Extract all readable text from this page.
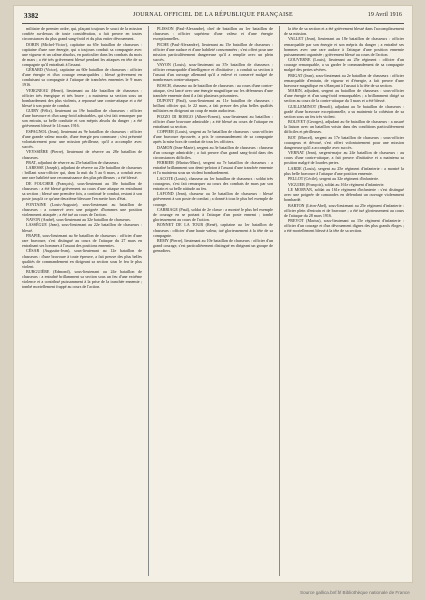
3382	JOURNAL OFFICIEL DE LA RÉPUBLIQUE FRANÇAISE	19 Avril 1916

militaire de premier ordre, qui, plaçant toujours le souci de la mission confiée au-dessus de toute considération, a fait preuve en toutes circonstances du plus grand sang-froid et du plus entier dévouement.

DORIN (Michel-Victor), capitaine au 65e bataillon de chasseurs : capitaine d'une rare énergie, qui a toujours conduit sa compagnie avec une vigueur et un calme absolus, en particulier dans les combats du mois de mars ; a été très grièvement blessé pendant les attaques en tête de sa compagnie qu'il entraînait à l'assaut.

GÉRARD (Victor), capitaine au 60e bataillon de chasseurs : officier d'une énergie et d'un courage remarquables ; blessé grièvement en conduisant sa compagnie à l'attaque de tranchées ennemies le 9 mars 1916.

VERGNEAU (Henri), lieutenant au 44e bataillon de chasseurs : officier très énergique et très brave ; a maintenu sa section sous un bombardement des plus violents, a repoussé une contre-attaque et a été blessé à son poste de combat.

GUIRY (Félix), lieutenant au 19e bataillon de chasseurs : officier d'une bravoure et d'un sang-froid admirables, qui s'est fait remarquer par son entrain, sa belle conduite et son mépris absolu du danger ; a été grièvement blessé le 14 mars 1916.

ESPAGNOL (Jean), lieutenant au 9e bataillon de chasseurs : officier d'une grande valeur morale, d'une énergie peu commune ; s'est présenté volontairement pour une mission périlleuse, qu'il a accomplie avec succès.

VEYSSIÈRE (Pierre), lieutenant de réserve au 28e bataillon de chasseurs.

PRAT, adjudant de réserve au 25e bataillon de chasseurs.

LABESSE (Joseph), adjudant de réserve au 23e bataillon de chasseurs : brillant sous-officier qui, dans la nuit du 5 au 6 mars, a conduit avec une rare habileté une reconnaissance des plus périlleuses ; a été blessé.

DE FOUCHER (François), sous-lieutenant au 30e bataillon de chasseurs : a été blessé grièvement au cours d'une attaque en entraînant sa section ; blessé une première fois, a continué le combat, restant à son poste jusqu'à ce qu'une deuxième blessure l'en mette hors d'état.

FONTAINE (Louis-Auguste), sous-lieutenant au bataillon de chasseurs : a conservé avec une poignée d'hommes une position violemment attaquée ; a été tué au cours de l'action.

NAVON (André), sous-lieutenant au 32e bataillon de chasseurs.

LASSÉGUE (Jean), sous-lieutenant au 22e bataillon de chasseurs : blessé.

FRAPIE, sous-lieutenant au 6e bataillon de chasseurs : officier d'une rare bravoure, s'est distingué au cours de l'attaque du 27 mars en entraînant ses hommes à l'assaut des positions ennemies.

CÉSAR (Augustin-Jean), sous-lieutenant au 12e bataillon de chasseurs : d'une bravoure à toute épreuve, a fait preuve des plus belles qualités de commandement en dirigeant sa section sous le feu le plus violent.

BURGUIÈRE (Edmond), sous-lieutenant au 24e bataillon de chasseurs : a entraîné brillamment sa section sous un feu d'une extrême violence et a contribué puissamment à la prise de la tranchée ennemie ; tombé mortellement frappé au cours de l'action.

PLISSON (Paul-Alexandre), chef de bataillon au 1er bataillon de chasseurs : officier supérieur d'une valeur et d'une énergie exceptionnelles.

PICHE (Paul-Alexandre), lieutenant au 15e bataillon de chasseurs : officier d'une audace et d'une habileté consommées ; s'est offert pour une mission particulièrement dangereuse qu'il a remplie avec un plein succès.

VAYON (Louis), sous-lieutenant au 37e bataillon de chasseurs : officier remarquable d'intelligence et d'initiative ; a conduit sa section à l'assaut d'un ouvrage allemand qu'il a enlevé et conservé malgré de nombreuses contre-attaques.

BOSCH, chasseur au 4e bataillon de chasseurs : au cours d'une contre-attaque, s'est lancé avec une énergie magnifique sur les défenseurs d'une tranchée ennemie dont il a fait plusieurs prisonniers.

DUPONT (Paul), sous-lieutenant au 11e bataillon de chasseurs : brillant officier qui, le 22 mars, a fait preuve des plus belles qualités militaires en dirigeant un coup de main audacieux.

POZZO DI BORGO (Albert-Ernest), sous-lieutenant au bataillon : officier d'une bravoure admirable ; a été blessé au cours de l'attaque en entraînant sa section.

COPPIER (Louis), sergent au 5e bataillon de chasseurs : sous-officier d'une bravoure éprouvée, a pris le commandement de sa compagnie après la mise hors de combat de tous les officiers.

DAMON (Jean-Marie), sergent au 3e bataillon de chasseurs : chasseur d'un courage admirable ; a fait preuve d'un grand sang-froid dans des circonstances difficiles.

FERRIER (Marius-Marc), sergent au 7e bataillon de chasseurs : a entraîné brillamment son demi-peloton à l'assaut d'une tranchée ennemie et l'a maintenu sous un violent bombardement.

LACOTE (Louis), chasseur au 1er bataillon de chasseurs : soldat très courageux, s'est fait remarquer au cours des combats de mars par son entrain et sa belle attitude au feu.

LAFOND (Jean), chasseur au 3e bataillon de chasseurs : blessé grièvement à son poste de combat ; a donné à tous le plus bel exemple de courage.

CARRIAGE (Paul), soldat de 2e classe : a montré le plus bel exemple de courage en se portant à l'attaque d'un poste ennemi ; tombé glorieusement au cours de l'action.

BONNET DE LA TOUR (René), capitaine au 1er bataillon de chasseurs : officier d'une haute valeur, tué glorieusement à la tête de sa compagnie.

REMY (Pierre), lieutenant au 10e bataillon de chasseurs : officier d'un grand courage, s'est particulièrement distingué en dirigeant un groupe de grenadiers.

la tête de sa section et a été grièvement blessé dans l'accomplissement de sa mission.

VALLET (Jean), lieutenant au 18e bataillon de chasseurs : officier remarquable par son énergie et son mépris du danger ; a entraîné ses hommes avec une rare audace à l'attaque d'une position ennemie puissamment organisée ; grièvement blessé au cours de l'action.

GOUVERNE (Louis), lieutenant au 25e régiment : officier d'un courage remarquable, a su garder le commandement de sa compagnie malgré des pertes sévères.

PRIGAT (Jean), sous-lieutenant au 2e bataillon de chasseurs : officier remarquable d'entrain, de vigueur et d'énergie, a fait preuve d'une bravoure magnifique en s'élançant à l'assaut à la tête de sa section.

MARIN, adjudant, sergent au bataillon de chasseurs : sous-officier d'une énergie et d'un sang-froid remarquables ; a brillamment dirigé sa section au cours de la contre-attaque du 3 mars et a été blessé.

GUILLEMINOT (Benoît), adjudant au 5e bataillon de chasseurs : gradé d'une bravoure exceptionnelle, a su maintenir la cohésion de sa section sous un feu très violent.

BOLIVET (Georges), adjudant au 6e bataillon de chasseurs : a assuré la liaison avec un bataillon voisin dans des conditions particulièrement difficiles et périlleuses.

BOT (Marcel), sergent au 17e bataillon de chasseurs : sous-officier courageux et dévoué, s'est offert volontairement pour une mission dangereuse qu'il a accomplie avec succès.

VERNAT (Jean), sergent-major au 24e bataillon de chasseurs : au cours d'une contre-attaque, a fait preuve d'initiative et a maintenu sa position malgré de lourdes pertes.

LARDE (Louis), sergent au 25e régiment d'infanterie : a montré la plus belle bravoure à l'attaque d'une position ennemie.

PELLOT (Cécile), sergent au 32e régiment d'infanterie.

VIGUIER (François), soldat au 161e régiment d'infanterie.

LE MORVAN, soldat au 161e régiment d'infanterie : s'est distingué avec une poignée de camarades en défendant un ouvrage violemment bombardé.

BARTON (Léon-Abel), sous-lieutenant au 25e régiment d'infanterie : officier plein d'entrain et de bravoure ; a été tué glorieusement au cours de l'attaque du 28 mars 1916.

PREVOT (Marius), sous-lieutenant au 15e régiment d'infanterie : officier d'un courage et d'un dévouement dignes des plus grands éloges ; a été mortellement blessé à la tête de sa section.

Source gallica.bnf.fr / Bibliothèque nationale de France
